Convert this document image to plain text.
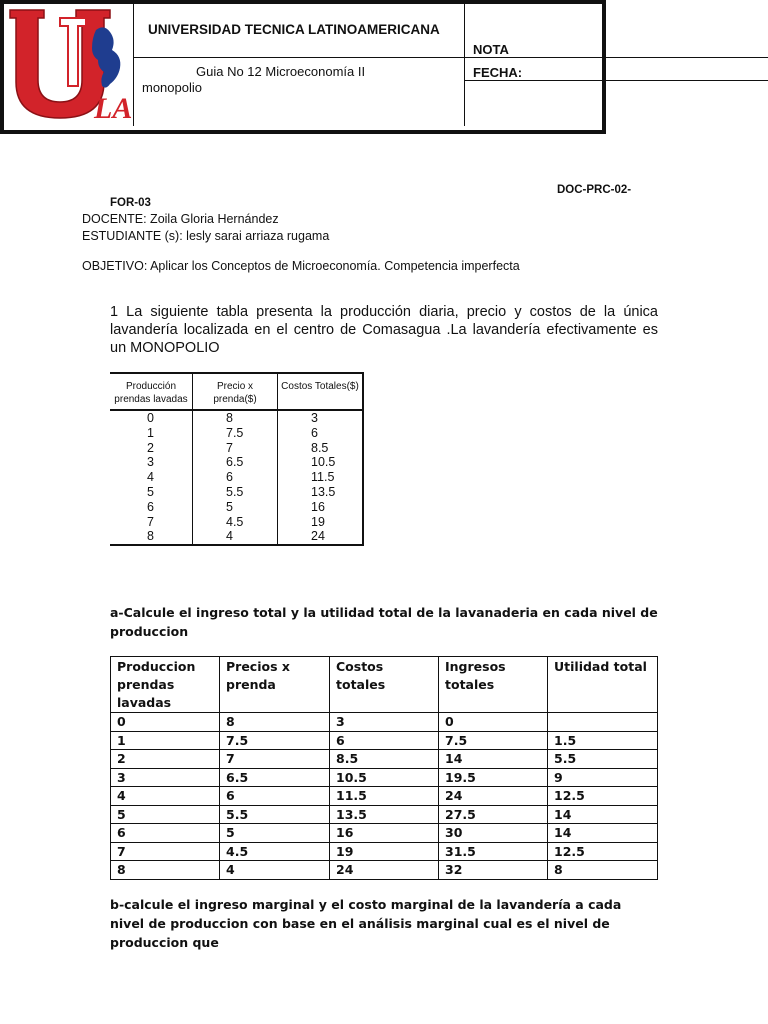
LA
UNIVERSIDAD TECNICA LATINOAMERICANA
Guia No 12 Microeconomía II
monopolio
NOTA
FECHA:
DOC-PRC-02-
FOR-03
DOCENTE: Zoila Gloria Hernández
ESTUDIANTE (s): lesly sarai arriaza rugama
OBJETIVO: Aplicar los Conceptos de Microeconomía. Competencia imperfecta
1 La siguiente tabla presenta la producción diaria, precio y costos de la única lavandería localizada en el centro de Comasagua .La lavandería efectivamente es un MONOPOLIO
Producción prendas lavadas	Precio x prenda($)	Costos Totales($)
0	8	3
1	7.5	6
2	7	8.5
3	6.5	10.5
4	6	11.5
5	5.5	13.5
6	5	16
7	4.5	19
8	4	24
a-Calcule el ingreso total y la utilidad total de la lavanaderia en cada nivel de produccion
Produccion prendas lavadas	Precios x prenda	Costos totales	Ingresos totales	Utilidad total
0	8	3	0	
1	7.5	6	7.5	1.5
2	7	8.5	14	5.5
3	6.5	10.5	19.5	9
4	6	11.5	24	12.5
5	5.5	13.5	27.5	14
6	5	16	30	14
7	4.5	19	31.5	12.5
8	4	24	32	8
b-calcule el ingreso marginal y el costo marginal de la lavandería a cada nivel de produccion con base en el análisis marginal cual es el nivel de produccion que
